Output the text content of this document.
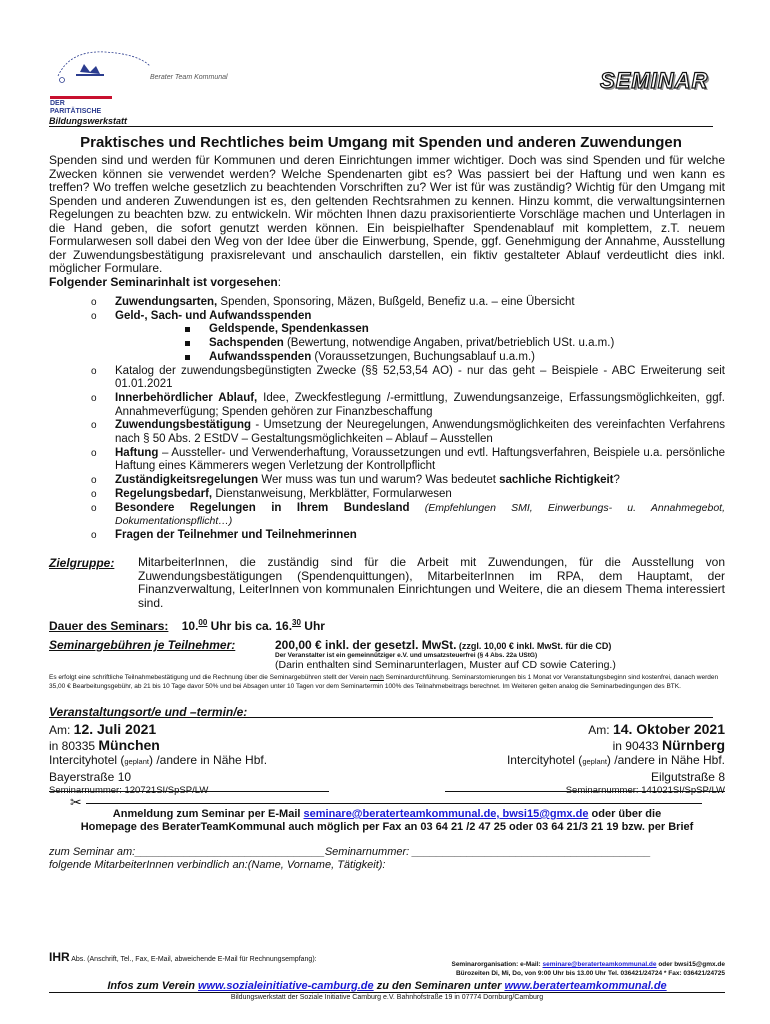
Berater Team Kommunal
DER PARITÄTISCHE
SEMINAR
Bildungswerkstatt
Praktisches und Rechtliches beim Umgang mit Spenden und anderen Zuwendungen
Spenden sind und werden für Kommunen und deren Einrichtungen immer wichtiger. Doch was sind Spenden und für welche Zwecken können sie verwendet werden? Welche Spendenarten gibt es? Was passiert bei der Haftung und wen kann es treffen? Wo treffen welche gesetzlich zu beachtenden Vorschriften zu? Wer ist für was zuständig? Wichtig für den Umgang mit Spenden und anderen Zuwendungen ist es, den geltenden Rechtsrahmen zu kennen. Hinzu kommt, die verwaltungsinternen Regelungen zu beachten bzw. zu entwickeln. Wir möchten Ihnen dazu praxisorientierte Vorschläge machen und Unterlagen in die Hand geben, die sofort genutzt werden können. Ein beispielhafter Spendenablauf mit komplettem, z.T. neuem Formularwesen soll dabei den Weg von der Idee über die Einwerbung, Spende, ggf. Genehmigung der Annahme, Ausstellung der Zuwendungsbestätigung praxisrelevant und anschaulich darstellen, ein fiktiv gestalteter Ablauf verdeutlicht dies inkl. möglicher Formulare.
Folgender Seminarinhalt ist vorgesehen:
o Zuwendungsarten, Spenden, Sponsoring, Mäzen, Bußgeld, Benefiz u.a. – eine Übersicht
o Geld-, Sach- und Aufwandsspenden
Geldspende, Spendenkassen
Sachspenden (Bewertung, notwendige Angaben, privat/betrieblich USt. u.a.m.)
Aufwandsspenden (Voraussetzungen, Buchungsablauf u.a.m.)
o Katalog der zuwendungsbegünstigten Zwecke (§§ 52,53,54 AO) - nur das geht – Beispiele - ABC Erweiterung seit 01.01.2021
o Innerbehördlicher Ablauf, Idee, Zweckfestlegung /-ermittlung, Zuwendungsanzeige, Erfassungsmöglichkeiten, ggf. Annahmeverfügung; Spenden gehören zur Finanzbeschaffung
o Zuwendungsbestätigung - Umsetzung der Neuregelungen, Anwendungsmöglichkeiten des vereinfachten Verfahrens nach § 50 Abs. 2 EStDV – Gestaltungsmöglichkeiten – Ablauf – Ausstellen
o Haftung – Aussteller- und Verwenderhaftung, Voraussetzungen und evtl. Haftungsverfahren, Beispiele u.a. persönliche Haftung eines Kämmerers wegen Verletzung der Kontrollpflicht
o Zuständigkeitsregelungen Wer muss was tun und warum? Was bedeutet sachliche Richtigkeit?
o Regelungsbedarf, Dienstanweisung, Merkblätter, Formularwesen
o Besondere Regelungen in Ihrem Bundesland (Empfehlungen SMI, Einwerbungs- u. Annahmegebot, Dokumentationspflicht…)
o Fragen der Teilnehmer und Teilnehmerinnen
Zielgruppe: MitarbeiterInnen, die zuständig sind für die Arbeit mit Zuwendungen, für die Ausstellung von Zuwendungsbestätigungen (Spendenquittungen), MitarbeiterInnen im RPA, dem Hauptamt, der Finanzverwaltung, LeiterInnen von kommunalen Einrichtungen und Weitere, die an diesem Thema interessiert sind.
Dauer des Seminars: 10.00 Uhr bis ca. 16.30 Uhr
Seminargebühren je Teilnehmer:	200,00 € inkl. der gesetzl. MwSt. (zzgl. 10,00 € inkl. MwSt. für die CD)
Der Veranstalter ist ein gemeinnütziger e.V. und umsatzsteuerfrei (§ 4 Abs. 22a UStG)
(Darin enthalten sind Seminarunterlagen, Muster auf CD sowie Catering.)
Es erfolgt eine schriftliche Teilnahmebestätigung und die Rechnung über die Seminargebühren stellt der Verein nach Seminardurchführung. Seminarstornierungen bis 1 Monat vor Veranstaltungsbeginn sind kostenfrei, danach werden 35,00 € Bearbeitungsgebühr, ab 21 bis 10 Tage davor 50% und bei Absagen unter 10 Tagen vor dem Seminartermin 100% des Teilnahmebeitrags berechnet. Im Weiteren gelten analog die Seminarbedingungen des BTK.
Veranstaltungsort/e und –termin/e:
Am: 12. Juli 2021
in 80335 München
Intercityhotel (geplant) /andere in Nähe Hbf.
Bayerstraße 10
Seminarnummer: 120721SI/SpSP/LW
Am: 14. Oktober 2021
in 90433 Nürnberg
Intercityhotel (geplant) /andere in Nähe Hbf.
Eilgutstraße 8
Seminarnummer: 141021SI/SpSP/LW
✂
Anmeldung zum Seminar per E-Mail seminare@beraterteamkommunal.de, bwsi15@gmx.de oder über die
Homepage des BeraterTeamKommunal auch möglich per Fax an 03 64 21 /2 47 25 oder 03 64 21/3 21 19 bzw. per Brief
zum Seminar am:_______________________________Seminarnummer: _______________________________________
folgende MitarbeiterInnen verbindlich an:(Name, Vorname, Tätigkeit):
IHR Abs. (Anschrift, Tel., Fax, E-Mail, abweichende E-Mail für Rechnungsempfang):
Seminarorganisation: e-Mail: seminare@beraterteamkommunal.de oder bwsi15@gmx.de
Bürozeiten Di, Mi, Do, von 9:00 Uhr bis 13.00 Uhr Tel. 036421/24724 * Fax: 036421/24725
Infos zum Verein www.sozialeinitiative-camburg.de zu den Seminaren unter www.beraterteamkommunal.de
Bildungswerkstatt der Soziale Initiative Camburg e.V. Bahnhofstraße 19 in 07774 Dornburg/Camburg
